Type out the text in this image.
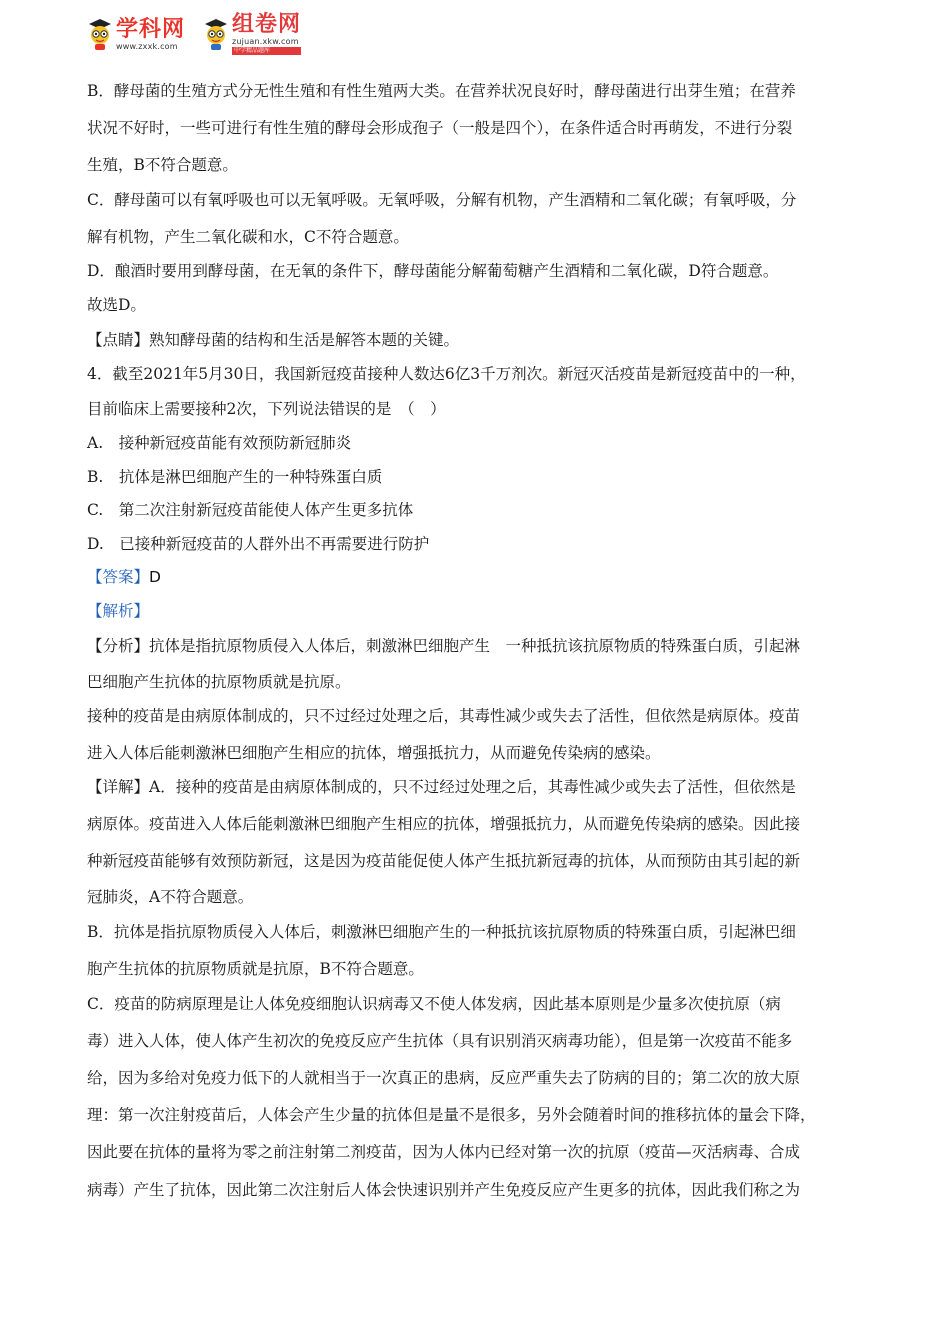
学科网
www.zxxk.com
组卷网
zujuan.xkw.com
中学精品题库
B．酵母菌的生殖方式分无性生殖和有性生殖两大类。在营养状况良好时，酵母菌进行出芽生殖；在营养
状况不好时，一些可进行有性生殖的酵母会形成孢子（一般是四个），在条件适合时再萌发，不进行分裂
生殖，B不符合题意。
C．酵母菌可以有氧呼吸也可以无氧呼吸。无氧呼吸，分解有机物，产生酒精和二氧化碳；有氧呼吸，分
解有机物，产生二氧化碳和水，C不符合题意。
D．酿酒时要用到酵母菌，在无氧的条件下，酵母菌能分解葡萄糖产生酒精和二氧化碳，D符合题意。
故选D。
【点睛】熟知酵母菌的结构和生活是解答本题的关键。
4．截至2021年5月30日，我国新冠疫苗接种人数达6亿3千万剂次。新冠灭活疫苗是新冠疫苗中的一种，
目前临床上需要接种2次，下列说法错误的是　（　）
A.　接种新冠疫苗能有效预防新冠肺炎
B.　抗体是淋巴细胞产生的一种特殊蛋白质
C.　第二次注射新冠疫苗能使人体产生更多抗体
D.　已接种新冠疫苗的人群外出不再需要进行防护
【答案】D
【解析】
【分析】抗体是指抗原物质侵入人体后，刺激淋巴细胞产生　一种抵抗该抗原物质的特殊蛋白质，引起淋
巴细胞产生抗体的抗原物质就是抗原。
接种的疫苗是由病原体制成的，只不过经过处理之后，其毒性减少或失去了活性，但依然是病原体。疫苗
进入人体后能刺激淋巴细胞产生相应的抗体，增强抵抗力，从而避免传染病的感染。
【详解】A．接种的疫苗是由病原体制成的，只不过经过处理之后，其毒性减少或失去了活性，但依然是
病原体。疫苗进入人体后能刺激淋巴细胞产生相应的抗体，增强抵抗力，从而避免传染病的感染。因此接
种新冠疫苗能够有效预防新冠，这是因为疫苗能促使人体产生抵抗新冠毒的抗体，从而预防由其引起的新
冠肺炎，A不符合题意。
B．抗体是指抗原物质侵入人体后，刺激淋巴细胞产生的一种抵抗该抗原物质的特殊蛋白质，引起淋巴细
胞产生抗体的抗原物质就是抗原，B不符合题意。
C．疫苗的防病原理是让人体免疫细胞认识病毒又不使人体发病，因此基本原则是少量多次使抗原（病
毒）进入人体，使人体产生初次的免疫反应产生抗体（具有识别消灭病毒功能），但是第一次疫苗不能多
给，因为多给对免疫力低下的人就相当于一次真正的患病，反应严重失去了防病的目的；第二次的放大原
理：第一次注射疫苗后，人体会产生少量的抗体但是量不是很多，另外会随着时间的推移抗体的量会下降，
因此要在抗体的量将为零之前注射第二剂疫苗，因为人体内已经对第一次的抗原（疫苗—灭活病毒、合成
病毒）产生了抗体，因此第二次注射后人体会快速识别并产生免疫反应产生更多的抗体，因此我们称之为
